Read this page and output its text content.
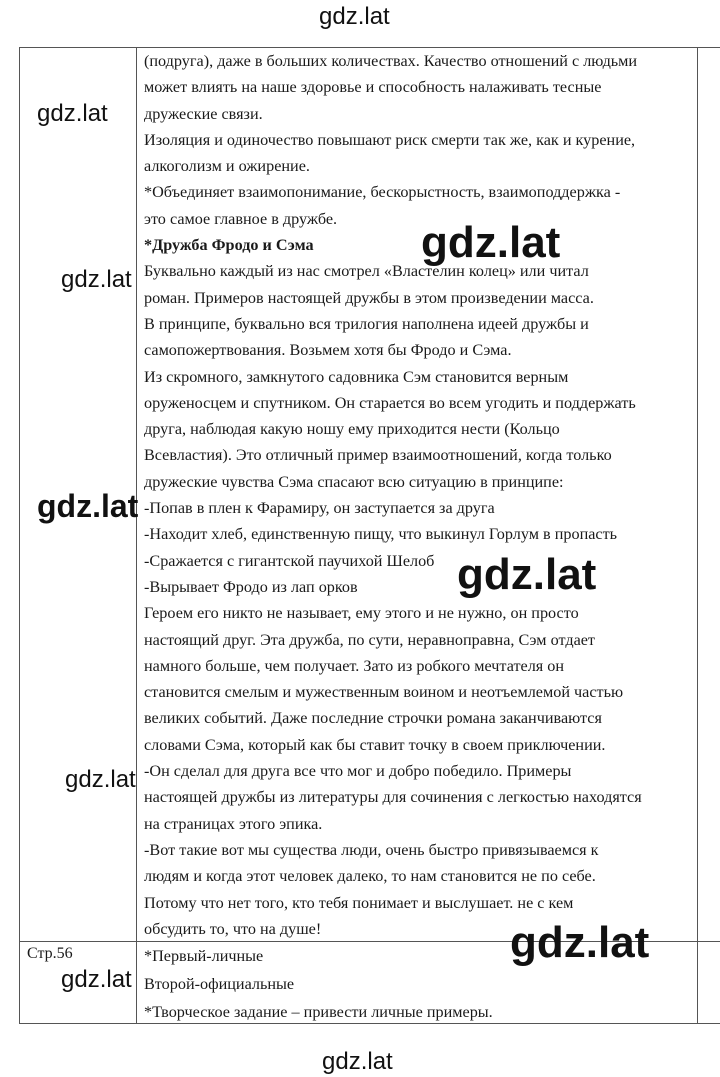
(подруга), даже в больших количествах. Качество отношений с людьми
может влиять на наше здоровье и способность налаживать тесные
дружеские связи.
Изоляция и одиночество повышают риск смерти так же, как и курение,
алкоголизм и ожирение.
*Объединяет взаимопонимание, бескорыстность, взаимоподдержка -
это самое главное в дружбе.
*Дружба Фродо и Сэма
Буквально каждый из нас смотрел «Властелин колец» или читал
роман. Примеров настоящей дружбы в этом произведении масса.
В принципе, буквально вся трилогия наполнена идеей дружбы и
самопожертвования. Возьмем хотя бы Фродо и Сэма.
Из скромного, замкнутого садовника Сэм становится верным
оруженосцем и спутником. Он старается во всем угодить и поддержать
друга, наблюдая какую ношу ему приходится нести (Кольцо
Всевластия). Это отличный пример взаимоотношений, когда только
дружеские чувства Сэма спасают всю ситуацию в принципе:
-Попав в плен к Фарамиру, он заступается за друга
-Находит хлеб, единственную пищу, что выкинул Горлум в пропасть
-Сражается с гигантской паучихой Шелоб
-Вырывает Фродо из лап орков
Героем его никто не называет, ему этого и не нужно, он просто
настоящий друг. Эта дружба, по сути, неравноправна, Сэм отдает
намного больше, чем получает. Зато из робкого мечтателя он
становится смелым и мужественным воином и неотъемлемой частью
великих событий. Даже последние строчки романа заканчиваются
словами Сэма, который как бы ставит точку в своем приключении.
-Он сделал для друга все что мог и добро победило. Примеры
настоящей дружбы из литературы для сочинения с легкостью находятся
на страницах этого эпика.
-Вот такие вот мы существа люди, очень быстро привязываемся к
людям и когда этот человек далеко, то нам становится не по себе.
Потому что нет того, кто тебя понимает и выслушает. не с кем
обсудить то, что на душе!
Стр.56	*Первый-личные
Второй-официальные
*Творческое задание – привести личные примеры.
gdz.lat
gdz.lat
gdz.lat
gdz.lat
gdz.lat
gdz.lat
gdz.lat
gdz.lat
gdz.lat
gdz.lat
